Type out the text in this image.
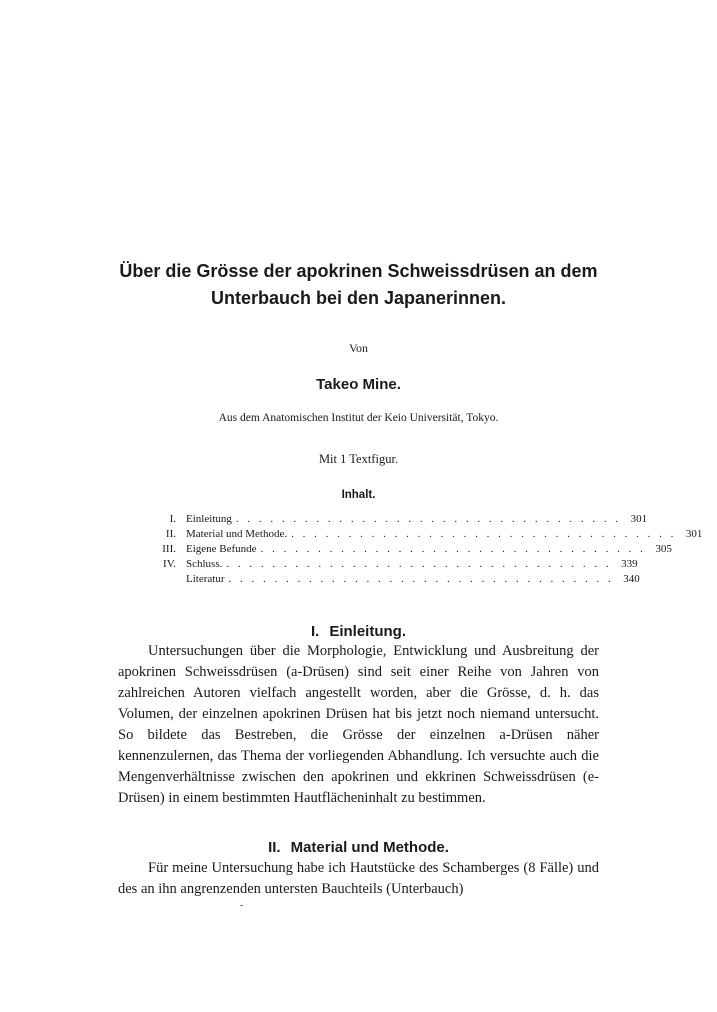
Über die Grösse der apokrinen Schweissdrüsen an dem
Unterbauch bei den Japanerinnen.
Von
Takeo Mine.
Aus dem Anatomischen Institut der Keio Universität, Tokyo.
Mit 1 Textfigur.
Inhalt.
I. Einleitung . . . . . . . . . . . . . . . . . . . . . . . . . . . . . . . . . . 301
II. Material und Methode. . . . . . . . . . . . . . . . . . . . . . . . . . . . . . . . . . . 301
III. Eigene Befunde . . . . . . . . . . . . . . . . . . . . . . . . . . . . . . . . . . 305
IV. Schluss. . . . . . . . . . . . . . . . . . . . . . . . . . . . . . . . . . . 339
Literatur . . . . . . . . . . . . . . . . . . . . . . . . . . . . . . . . . . 340
I. Einleitung.

Untersuchungen über die Morphologie, Entwicklung und Ausbreitung der apokrinen Schweissdrüsen (a-Drüsen) sind seit einer Reihe von Jahren von zahlreichen Autoren vielfach angestellt worden, aber die Grösse, d. h. das Volumen, der einzelnen apokrinen Drüsen hat bis jetzt noch niemand untersucht. So bildete das Bestreben, die Grösse der einzelnen a-Drüsen näher kennenzulernen, das Thema der vorliegenden Abhandlung. Ich versuchte auch die Mengenverhältnisse zwischen den apokrinen und ekkrinen Schweissdrüsen (e-Drüsen) in einem bestimmten Hautflächeninhalt zu bestimmen.

II. Material und Methode.

Für meine Untersuchung habe ich Hautstücke des Schamberges (8 Fälle) und des an ihn angrenzenden untersten Bauchteils (Unterbauch)
